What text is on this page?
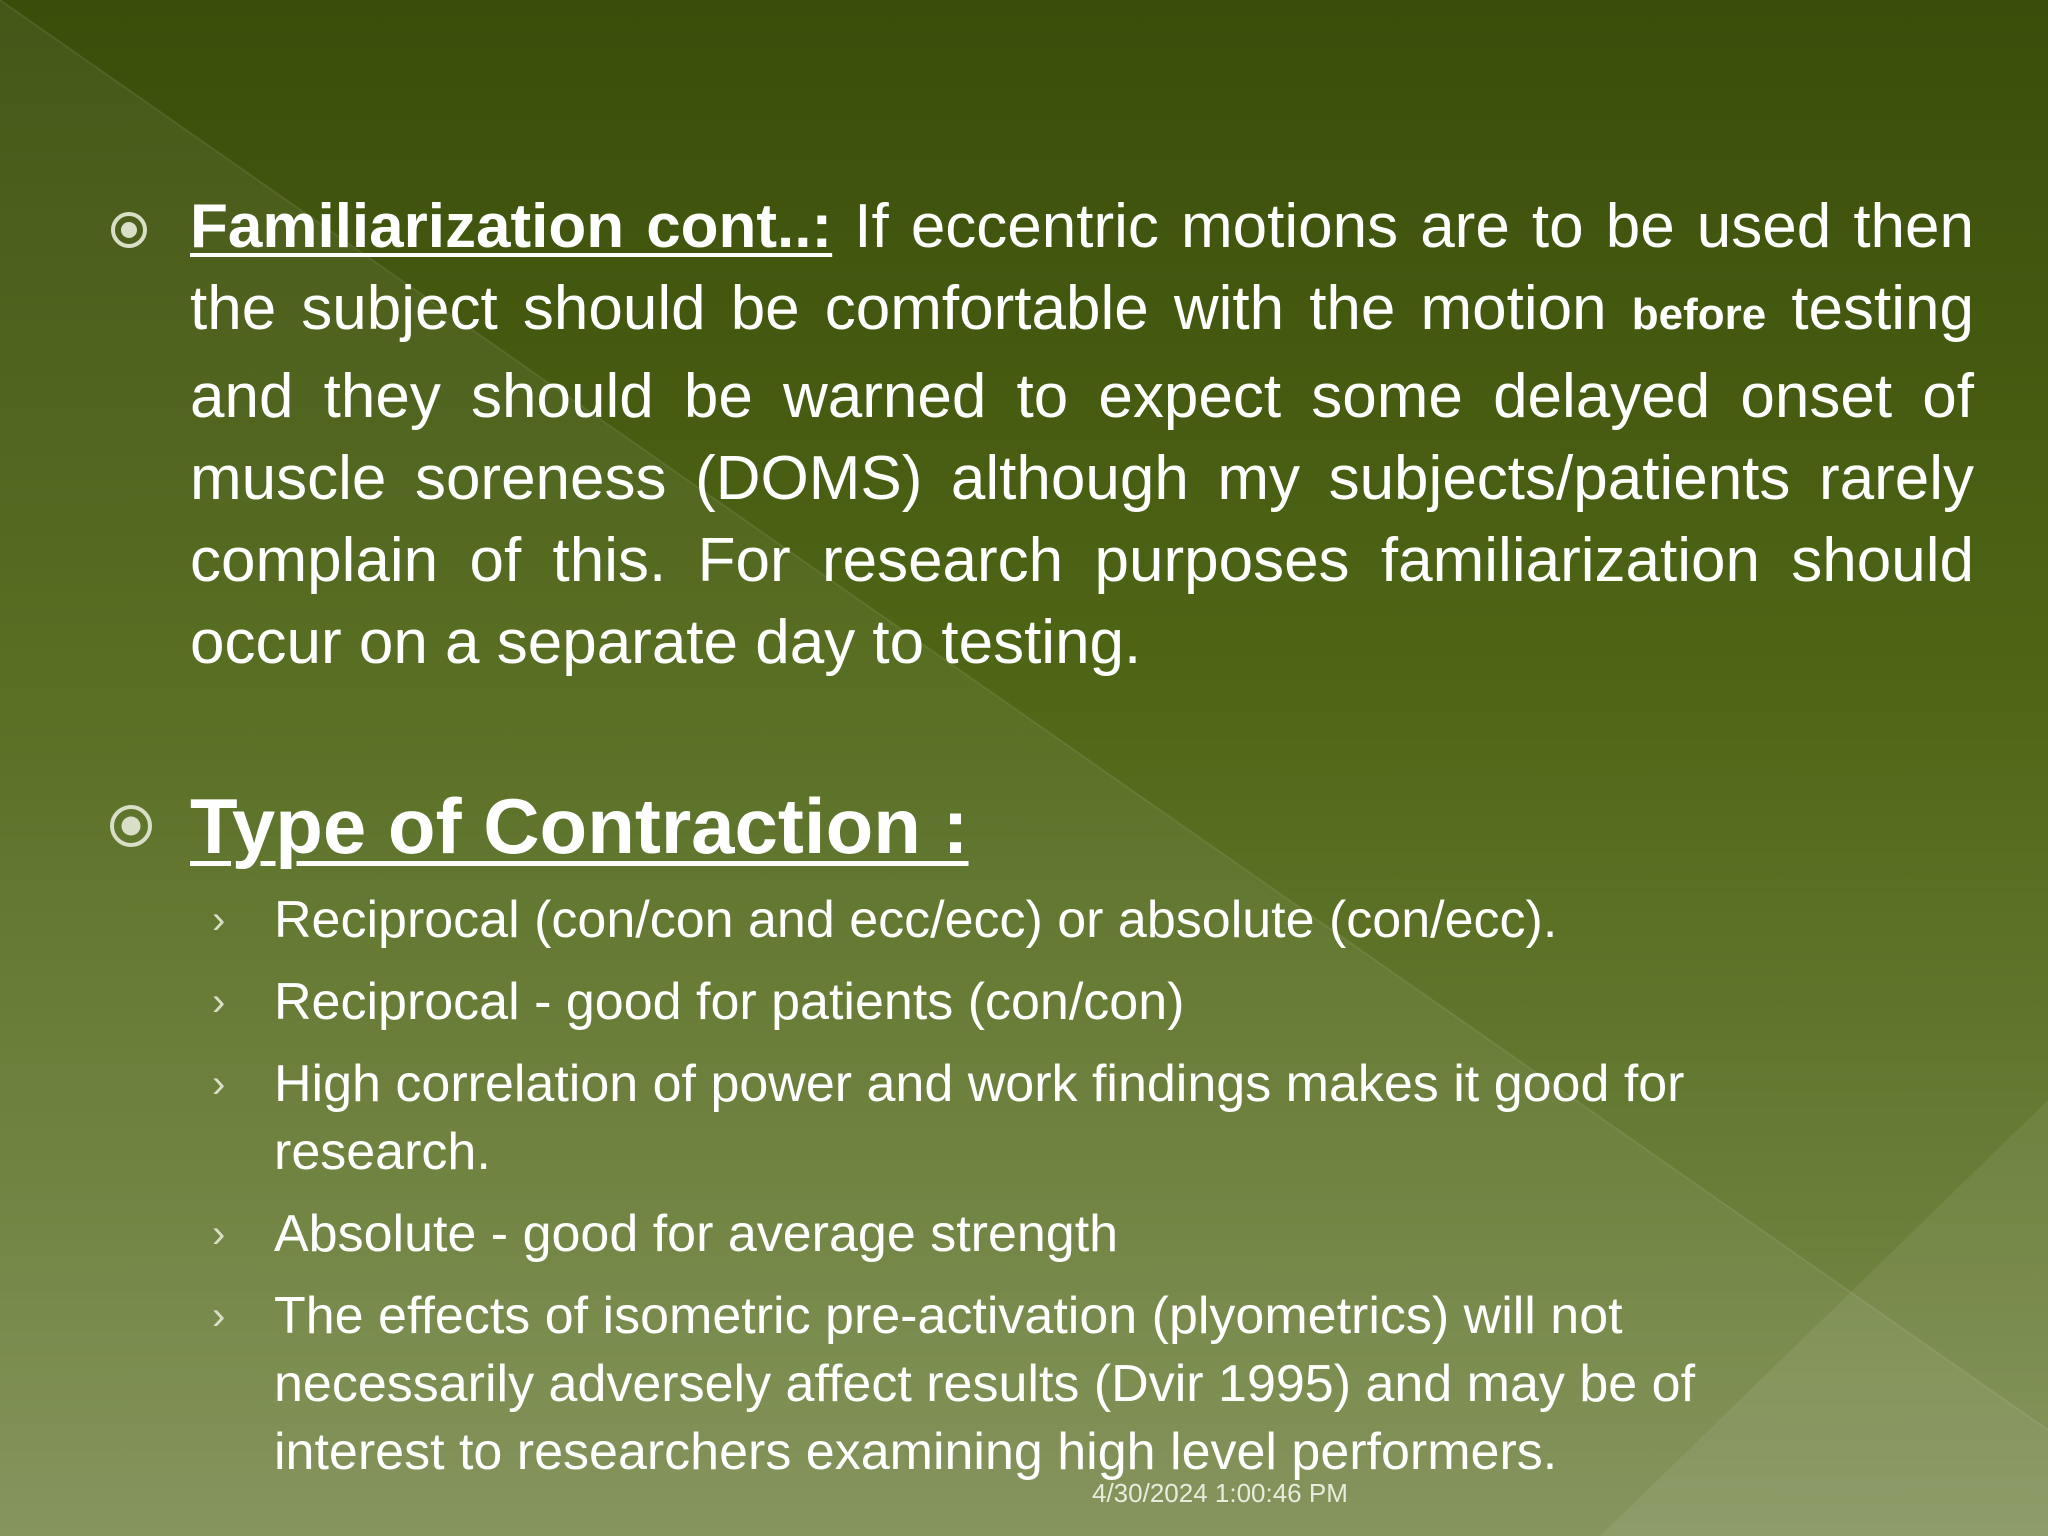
Familiarization cont..: If eccentric motions are to be used then the subject should be comfortable with the motion before testing and they should be warned to expect some delayed onset of muscle soreness (DOMS) although my subjects/patients rarely complain of this. For research purposes familiarization should occur on a separate day to testing.

Type of Contraction :
› Reciprocal (con/con and ecc/ecc) or absolute (con/ecc).
› Reciprocal - good for patients (con/con)
› High correlation of power and work findings makes it good for research.
› Absolute - good for average strength
› The effects of isometric pre-activation (plyometrics) will not necessarily adversely affect results (Dvir 1995) and may be of interest to researchers examining high level performers.
4/30/2024 1:00:46 PM
